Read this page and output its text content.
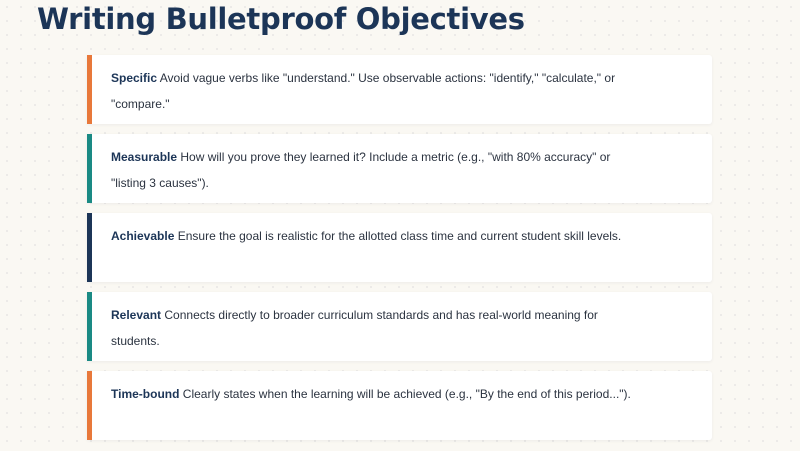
Writing Bulletproof Objectives
Specific Avoid vague verbs like "understand." Use observable actions: "identify," "calculate," or "compare."
Measurable How will you prove they learned it? Include a metric (e.g., "with 80% accuracy" or "listing 3 causes").
Achievable Ensure the goal is realistic for the allotted class time and current student skill levels.
Relevant Connects directly to broader curriculum standards and has real-world meaning for students.
Time-bound Clearly states when the learning will be achieved (e.g., "By the end of this period...").
